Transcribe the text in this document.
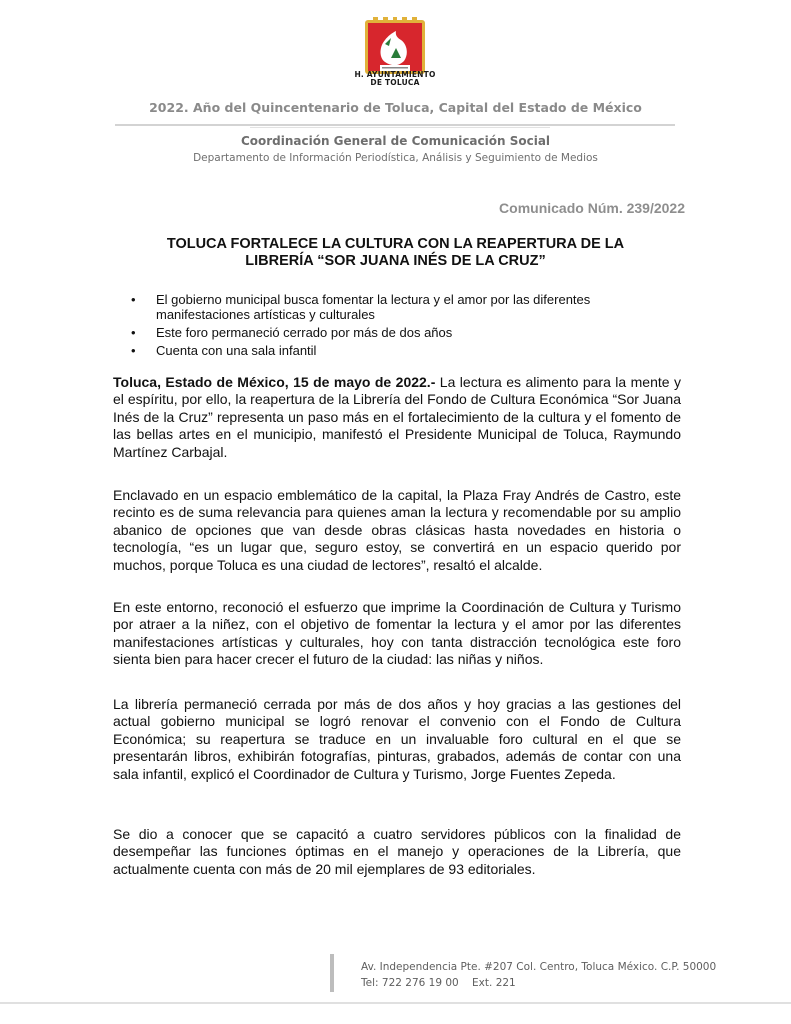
H. AYUNTAMIENTO
DE TOLUCA
2022. Año del Quincentenario de Toluca, Capital del Estado de México
Coordinación General de Comunicación Social
Departamento de Información Periodística, Análisis y Seguimiento de Medios
Comunicado Núm. 239/2022
TOLUCA FORTALECE LA CULTURA CON LA REAPERTURA DE LA
LIBRERÍA “SOR JUANA INÉS DE LA CRUZ”
• El gobierno municipal busca fomentar la lectura y el amor por las diferentes manifestaciones artísticas y culturales
• Este foro permaneció cerrado por más de dos años
• Cuenta con una sala infantil

Toluca, Estado de México, 15 de mayo de 2022.- La lectura es alimento para la mente y el espíritu, por ello, la reapertura de la Librería del Fondo de Cultura Económica “Sor Juana Inés de la Cruz” representa un paso más en el fortalecimiento de la cultura y el fomento de las bellas artes en el municipio, manifestó el Presidente Municipal de Toluca, Raymundo Martínez Carbajal.

Enclavado en un espacio emblemático de la capital, la Plaza Fray Andrés de Castro, este recinto es de suma relevancia para quienes aman la lectura y recomendable por su amplio abanico de opciones que van desde obras clásicas hasta novedades en historia o tecnología, “es un lugar que, seguro estoy, se convertirá en un espacio querido por muchos, porque Toluca es una ciudad de lectores”, resaltó el alcalde.

En este entorno, reconoció el esfuerzo que imprime la Coordinación de Cultura y Turismo por atraer a la niñez, con el objetivo de fomentar la lectura y el amor por las diferentes manifestaciones artísticas y culturales, hoy con tanta distracción tecnológica este foro sienta bien para hacer crecer el futuro de la ciudad: las niñas y niños.

La librería permaneció cerrada por más de dos años y hoy gracias a las gestiones del actual gobierno municipal se logró renovar el convenio con el Fondo de Cultura Económica; su reapertura se traduce en un invaluable foro cultural en el que se presentarán libros, exhibirán fotografías, pinturas, grabados, además de contar con una sala infantil, explicó el Coordinador de Cultura y Turismo, Jorge Fuentes Zepeda.

Se dio a conocer que se capacitó a cuatro servidores públicos con la finalidad de desempeñar las funciones óptimas en el manejo y operaciones de la Librería, que actualmente cuenta con más de 20 mil ejemplares de 93 editoriales.

Av. Independencia Pte. #207 Col. Centro, Toluca México. C.P. 50000
Tel: 722 276 19 00    Ext. 221
